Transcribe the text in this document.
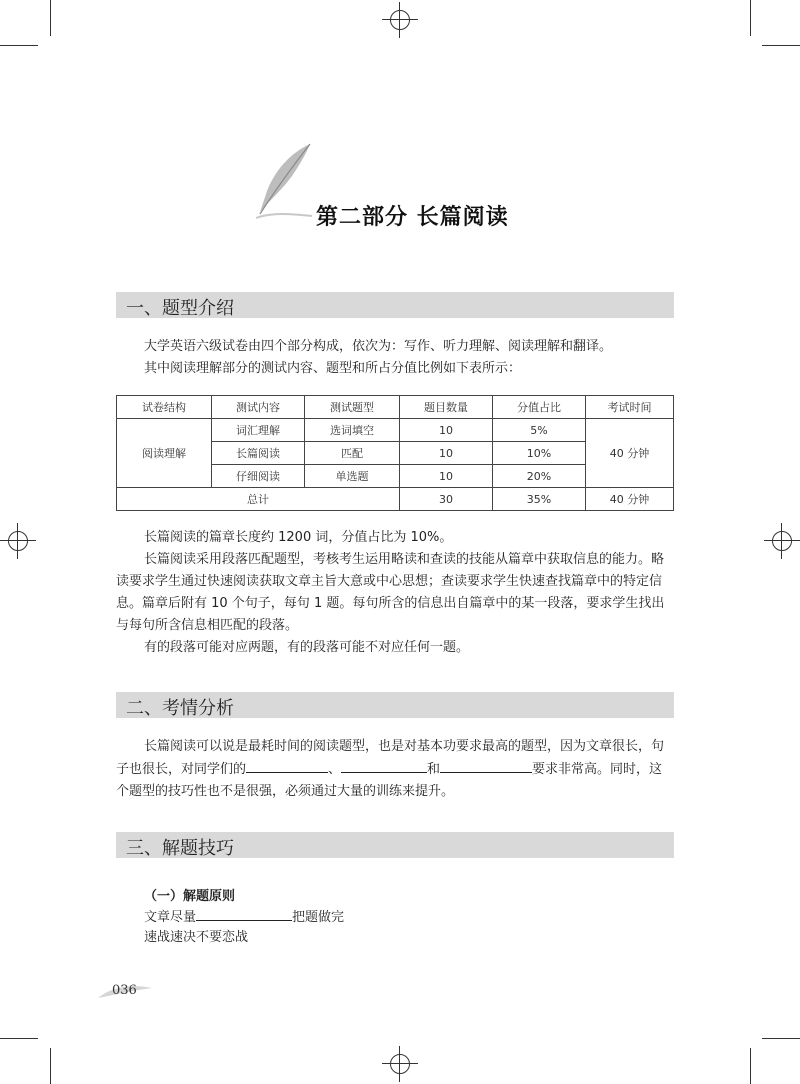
第二部分 长篇阅读
一、题型介绍

大学英语六级试卷由四个部分构成，依次为：写作、听力理解、阅读理解和翻译。

其中阅读理解部分的测试内容、题型和所占分值比例如下表所示：

试卷结构	测试内容	测试题型	题目数量	分值占比	考试时间
阅读理解	词汇理解	选词填空	10	5%	40 分钟
	长篇阅读	匹配	10	10%	
	仔细阅读	单选题	10	20%	
总计			30	35%	40 分钟

长篇阅读的篇章长度约 1200 词，分值占比为 10%。

长篇阅读采用段落匹配题型，考核考生运用略读和查读的技能从篇章中获取信息的能力。略读要求学生通过快速阅读获取文章主旨大意或中心思想；查读要求学生快速查找篇章中的特定信息。篇章后附有 10 个句子，每句 1 题。每句所含的信息出自篇章中的某一段落，要求学生找出与每句所含信息相匹配的段落。

有的段落可能对应两题，有的段落可能不对应任何一题。

二、考情分析

长篇阅读可以说是最耗时间的阅读题型，也是对基本功要求最高的题型，因为文章很长，句子也很长，对同学们的	、	和	要求非常高。同时，这个题型的技巧性也不是很强，必须通过大量的训练来提升。

三、解题技巧
（一）解题原则
文章尽量	把题做完
速战速决不要恋战
036
